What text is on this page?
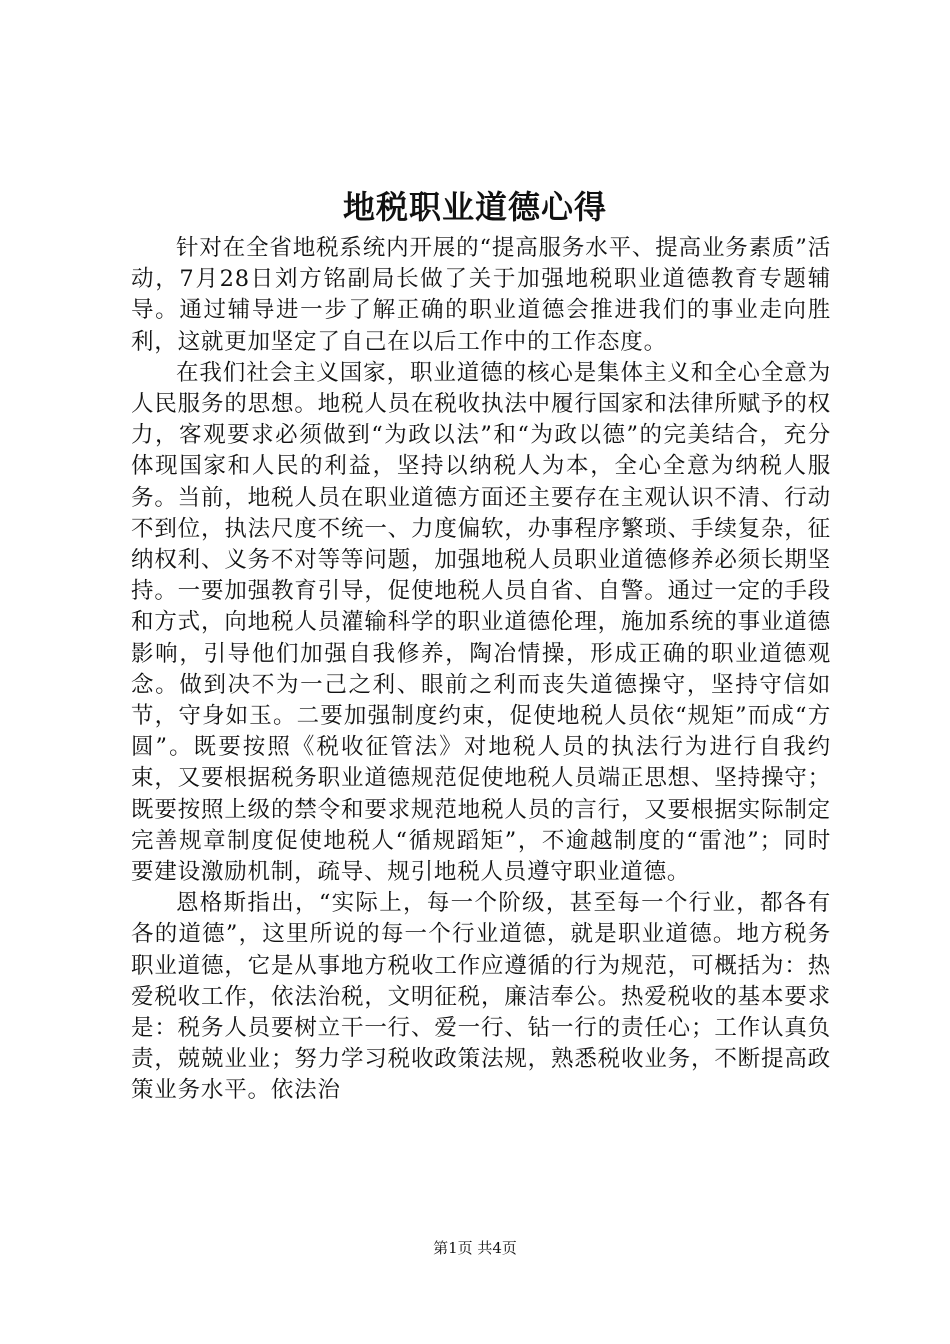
地税职业道德心得

针对在全省地税系统内开展的“提高服务水平、提高业务素质”活动，7月28日刘方铭副局长做了关于加强地税职业道德教育专题辅导。通过辅导进一步了解正确的职业道德会推进我们的事业走向胜利，这就更加坚定了自己在以后工作中的工作态度。

在我们社会主义国家，职业道德的核心是集体主义和全心全意为人民服务的思想。地税人员在税收执法中履行国家和法律所赋予的权力，客观要求必须做到“为政以法”和“为政以德”的完美结合，充分体现国家和人民的利益，坚持以纳税人为本，全心全意为纳税人服务。当前，地税人员在职业道德方面还主要存在主观认识不清、行动不到位，执法尺度不统一、力度偏软，办事程序繁琐、手续复杂，征纳权利、义务不对等等问题，加强地税人员职业道德修养必须长期坚持。一要加强教育引导，促使地税人员自省、自警。通过一定的手段和方式，向地税人员灌输科学的职业道德伦理，施加系统的事业道德影响，引导他们加强自我修养，陶冶情操，形成正确的职业道德观念。做到决不为一己之利、眼前之利而丧失道德操守，坚持守信如节，守身如玉。二要加强制度约束，促使地税人员依“规矩”而成“方圆”。既要按照《税收征管法》对地税人员的执法行为进行自我约束，又要根据税务职业道德规范促使地税人员端正思想、坚持操守；既要按照上级的禁令和要求规范地税人员的言行，又要根据实际制定完善规章制度促使地税人“循规蹈矩”，不逾越制度的“雷池”；同时要建设激励机制，疏导、规引地税人员遵守职业道德。

恩格斯指出，“实际上，每一个阶级，甚至每一个行业，都各有各的道德”，这里所说的每一个行业道德，就是职业道德。地方税务职业道德，它是从事地方税收工作应遵循的行为规范，可概括为：热爱税收工作，依法治税，文明征税，廉洁奉公。热爱税收的基本要求是：税务人员要树立干一行、爱一行、钻一行的责任心；工作认真负责，兢兢业业；努力学习税收政策法规，熟悉税收业务，不断提高政策业务水平。依法治

第1页 共4页
